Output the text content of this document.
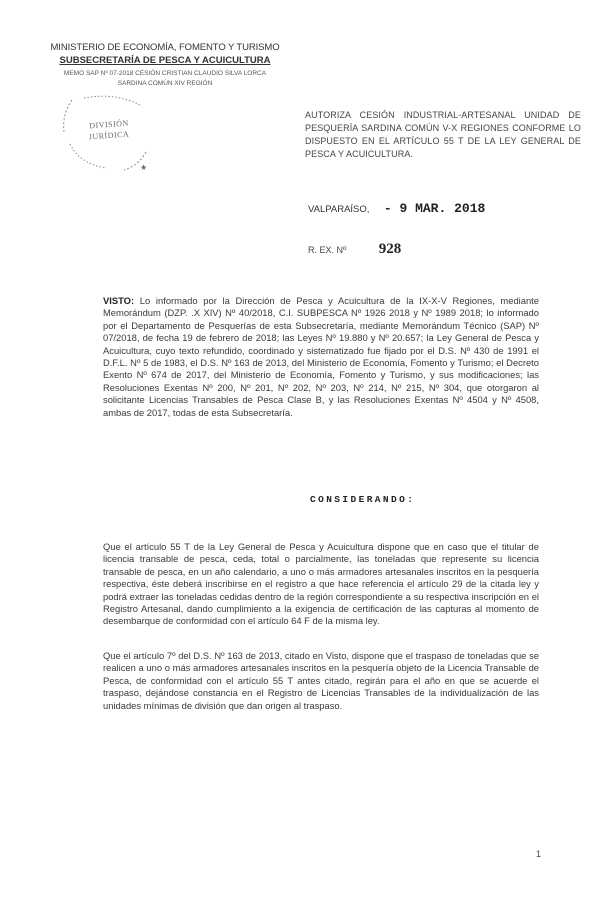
MINISTERIO DE ECONOMÍA, FOMENTO Y TURISMO
SUBSECRETARÍA DE PESCA Y ACUICULTURA
MEMO SAP Nº 07-2018 CESIÓN CRISTIAN CLAUDIO SILVA LORCA
SARDINA COMÚN XIV REGIÓN
★
DIVISIÓN
JURÍDICA
AUTORIZA CESIÓN INDUSTRIAL-ARTESANAL UNIDAD DE PESQUERÍA SARDINA COMÚN V-X REGIONES CONFORME LO DISPUESTO EN EL ARTÍCULO 55 T DE LA LEY GENERAL DE PESCA Y ACUICULTURA.
VALPARAÍSO, - 9 MAR. 2018
R. EX. Nº 928
VISTO: Lo informado por la Dirección de Pesca y Acuicultura de la IX-X-V Regiones, mediante Memorándum (DZP. .X XIV) Nº 40/2018, C.I. SUBPESCA Nº 1926 2018 y Nº 1989 2018; lo informado por el Departamento de Pesquerías de esta Subsecretaría, mediante Memorándum Técnico (SAP) Nº 07/2018, de fecha 19 de febrero de 2018; las Leyes Nº 19.880 y Nº 20.657; la Ley General de Pesca y Acuicultura, cuyo texto refundido, coordinado y sistematizado fue fijado por el D.S. Nº 430 de 1991 el D.F.L. Nº 5 de 1983, el D.S. Nº 163 de 2013, del Ministerio de Economía, Fomento y Turismo; el Decreto Exento Nº 674 de 2017, del Ministerio de Economía, Fomento y Turismo, y sus modificaciones; las Resoluciones Exentas Nº 200, Nº 201, Nº 202, Nº 203, Nº 214, Nº 215, Nº 304, que otorgaron al solicitante Licencias Transables de Pesca Clase B, y las Resoluciones Exentas Nº 4504 y Nº 4508, ambas de 2017, todas de esta Subsecretaría.
CONSIDERANDO:
Que el artículo 55 T de la Ley General de Pesca y Acuicultura dispone que en caso que el titular de licencia transable de pesca, ceda, total o parcialmente, las toneladas que represente su licencia transable de pesca, en un año calendario, a uno o más armadores artesanales inscritos en la pesquería respectiva, éste deberá inscribirse en el registro a que hace referencia el artículo 29 de la citada ley y podrá extraer las toneladas cedidas dentro de la región correspondiente a su respectiva inscripción en el Registro Artesanal, dando cumplimiento a la exigencia de certificación de las capturas al momento de desembarque de conformidad con el artículo 64 F de la misma ley.
Que el artículo 7º del D.S. Nº 163 de 2013, citado en Visto, dispone que el traspaso de toneladas que se realicen a uno o más armadores artesanales inscritos en la pesquería objeto de la Licencia Transable de Pesca, de conformidad con el artículo 55 T antes citado, regirán para el año en que se acuerde el traspaso, dejándose constancia en el Registro de Licencias Transables de la individualización de las unidades mínimas de división que dan origen al traspaso.
1
